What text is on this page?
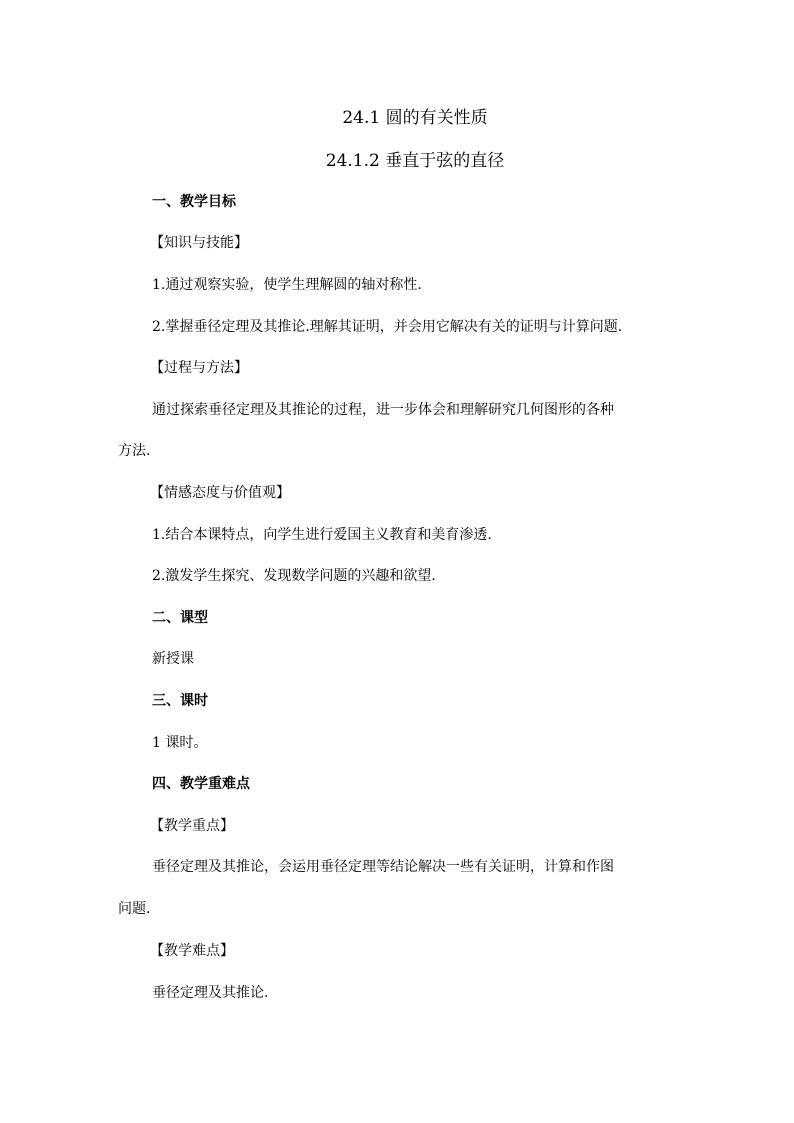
24.1 圆的有关性质
24.1.2 垂直于弦的直径
一、教学目标
【知识与技能】
1.通过观察实验，使学生理解圆的轴对称性.
2.掌握垂径定理及其推论.理解其证明，并会用它解决有关的证明与计算问题.
【过程与方法】
通过探索垂径定理及其推论的过程，进一步体会和理解研究几何图形的各种
方法.
【情感态度与价值观】
1.结合本课特点，向学生进行爱国主义教育和美育渗透.
2.激发学生探究、发现数学问题的兴趣和欲望.
二、课型
新授课
三、课时
1 课时。
四、教学重难点
【教学重点】
垂径定理及其推论，会运用垂径定理等结论解决一些有关证明，计算和作图
问题.
【教学难点】
垂径定理及其推论.
